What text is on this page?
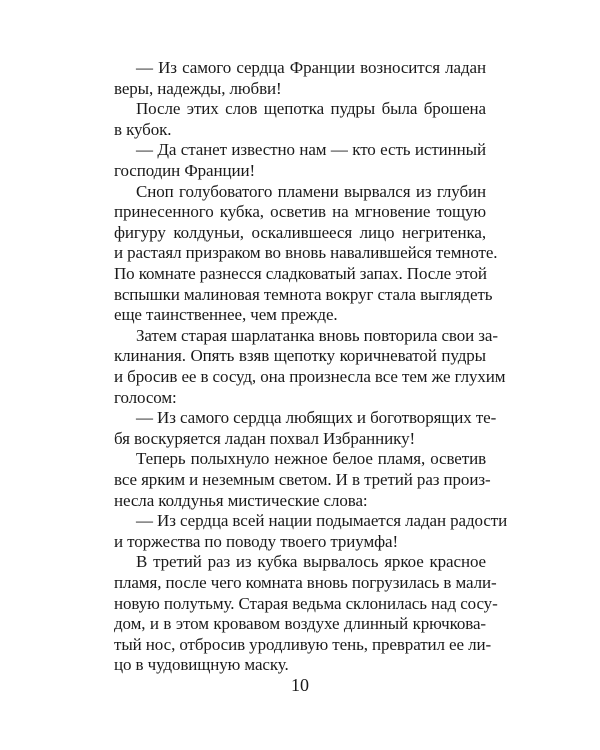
— Из самого сердца Франции возносится ладан
веры, надежды, любви!
После этих слов щепотка пудры была брошена
в кубок.
— Да станет известно нам — кто есть истинный
господин Франции!
Сноп голубоватого пламени вырвался из глубин
принесенного кубка, осветив на мгновение тощую
фигуру колдуньи, оскалившееся лицо негритенка,
и растаял призраком во вновь навалившейся темноте.
По комнате разнесся сладковатый запах. После этой
вспышки малиновая темнота вокруг стала выглядеть
еще таинственнее, чем прежде.
Затем старая шарлатанка вновь повторила свои за-
клинания. Опять взяв щепотку коричневатой пудры
и бросив ее в сосуд, она произнесла все тем же глухим
голосом:
— Из самого сердца любящих и боготворящих те-
бя воскуряется ладан похвал Избраннику!
Теперь полыхнуло нежное белое пламя, осветив
все ярким и неземным светом. И в третий раз произ-
несла колдунья мистические слова:
— Из сердца всей нации подымается ладан радости
и торжества по поводу твоего триумфа!
В третий раз из кубка вырвалось яркое красное
пламя, после чего комната вновь погрузилась в мали-
новую полутьму. Старая ведьма склонилась над сосу-
дом, и в этом кровавом воздухе длинный крючкова-
тый нос, отбросив уродливую тень, превратил ее ли-
цо в чудовищную маску.
10
